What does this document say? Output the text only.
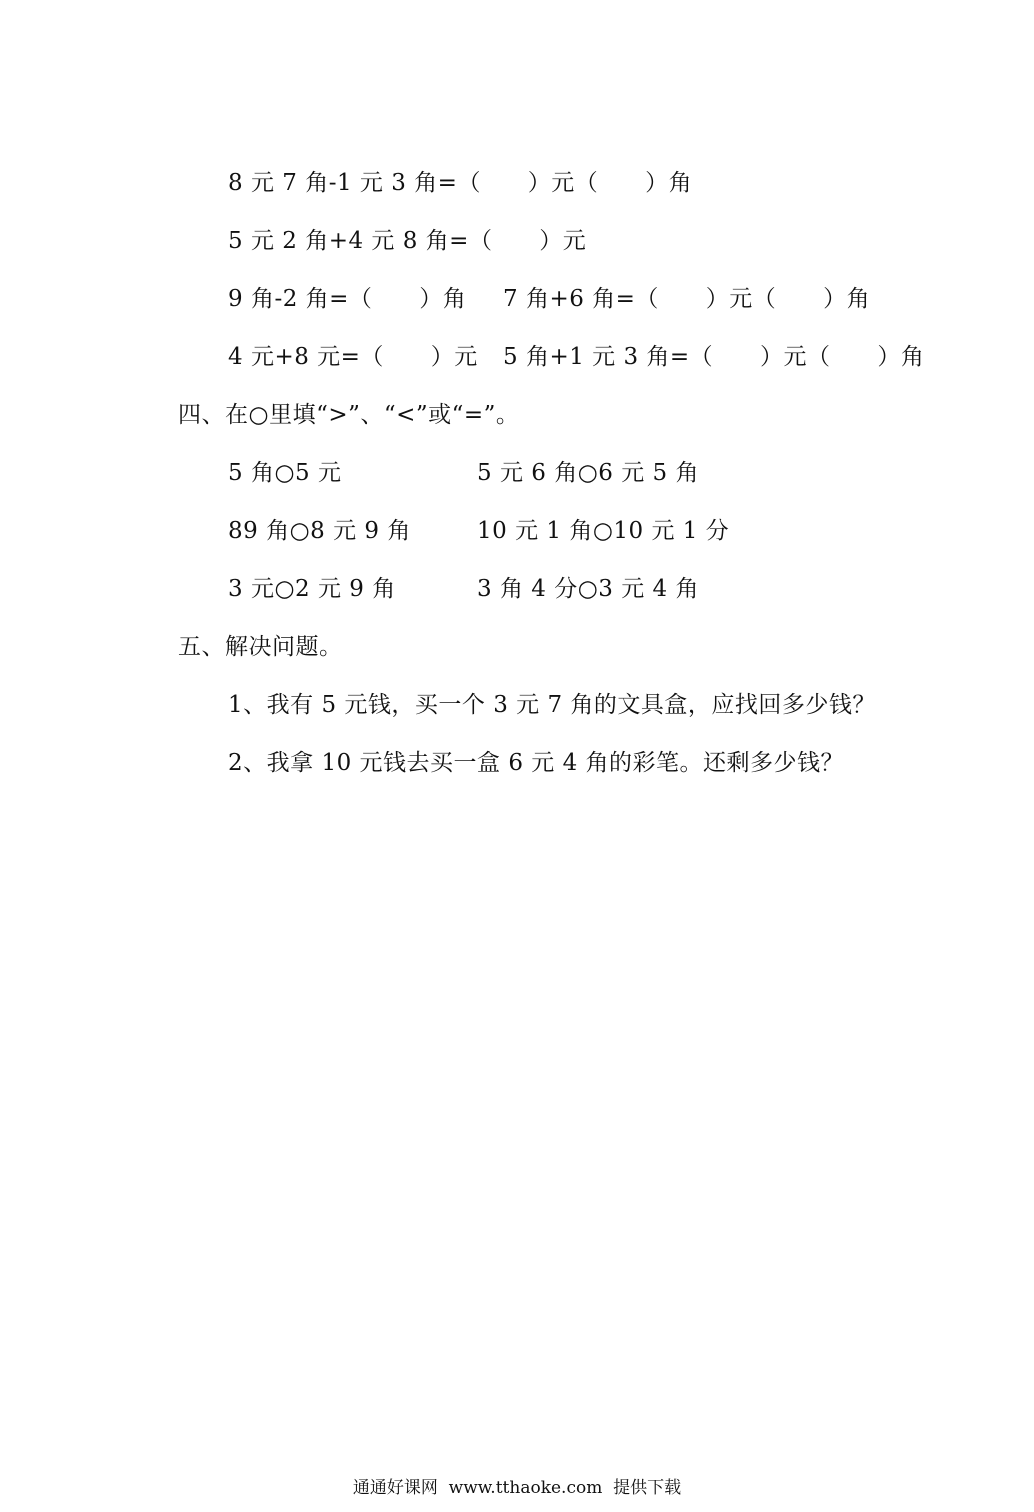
8 元 7 角-1 元 3 角=（      ）元（      ）角
5 元 2 角+4 元 8 角=（      ）元
9 角-2 角=（      ）角 7 角+6 角=（      ）元（      ）角
4 元+8 元=（      ）元 5 角+1 元 3 角=（      ）元（      ）角
四、在○里填“>”、“<”或“=”。
5 角○5 元	5 元 6 角○6 元 5 角
89 角○8 元 9 角	10 元 1 角○10 元 1 分
3 元○2 元 9 角	3 角 4 分○3 元 4 角
五、解决问题。
1、我有 5 元钱，买一个 3 元 7 角的文具盒，应找回多少钱？
2、我拿 10 元钱去买一盒 6 元 4 角的彩笔。还剩多少钱？
通通好课网  www.tthaoke.com  提供下载
